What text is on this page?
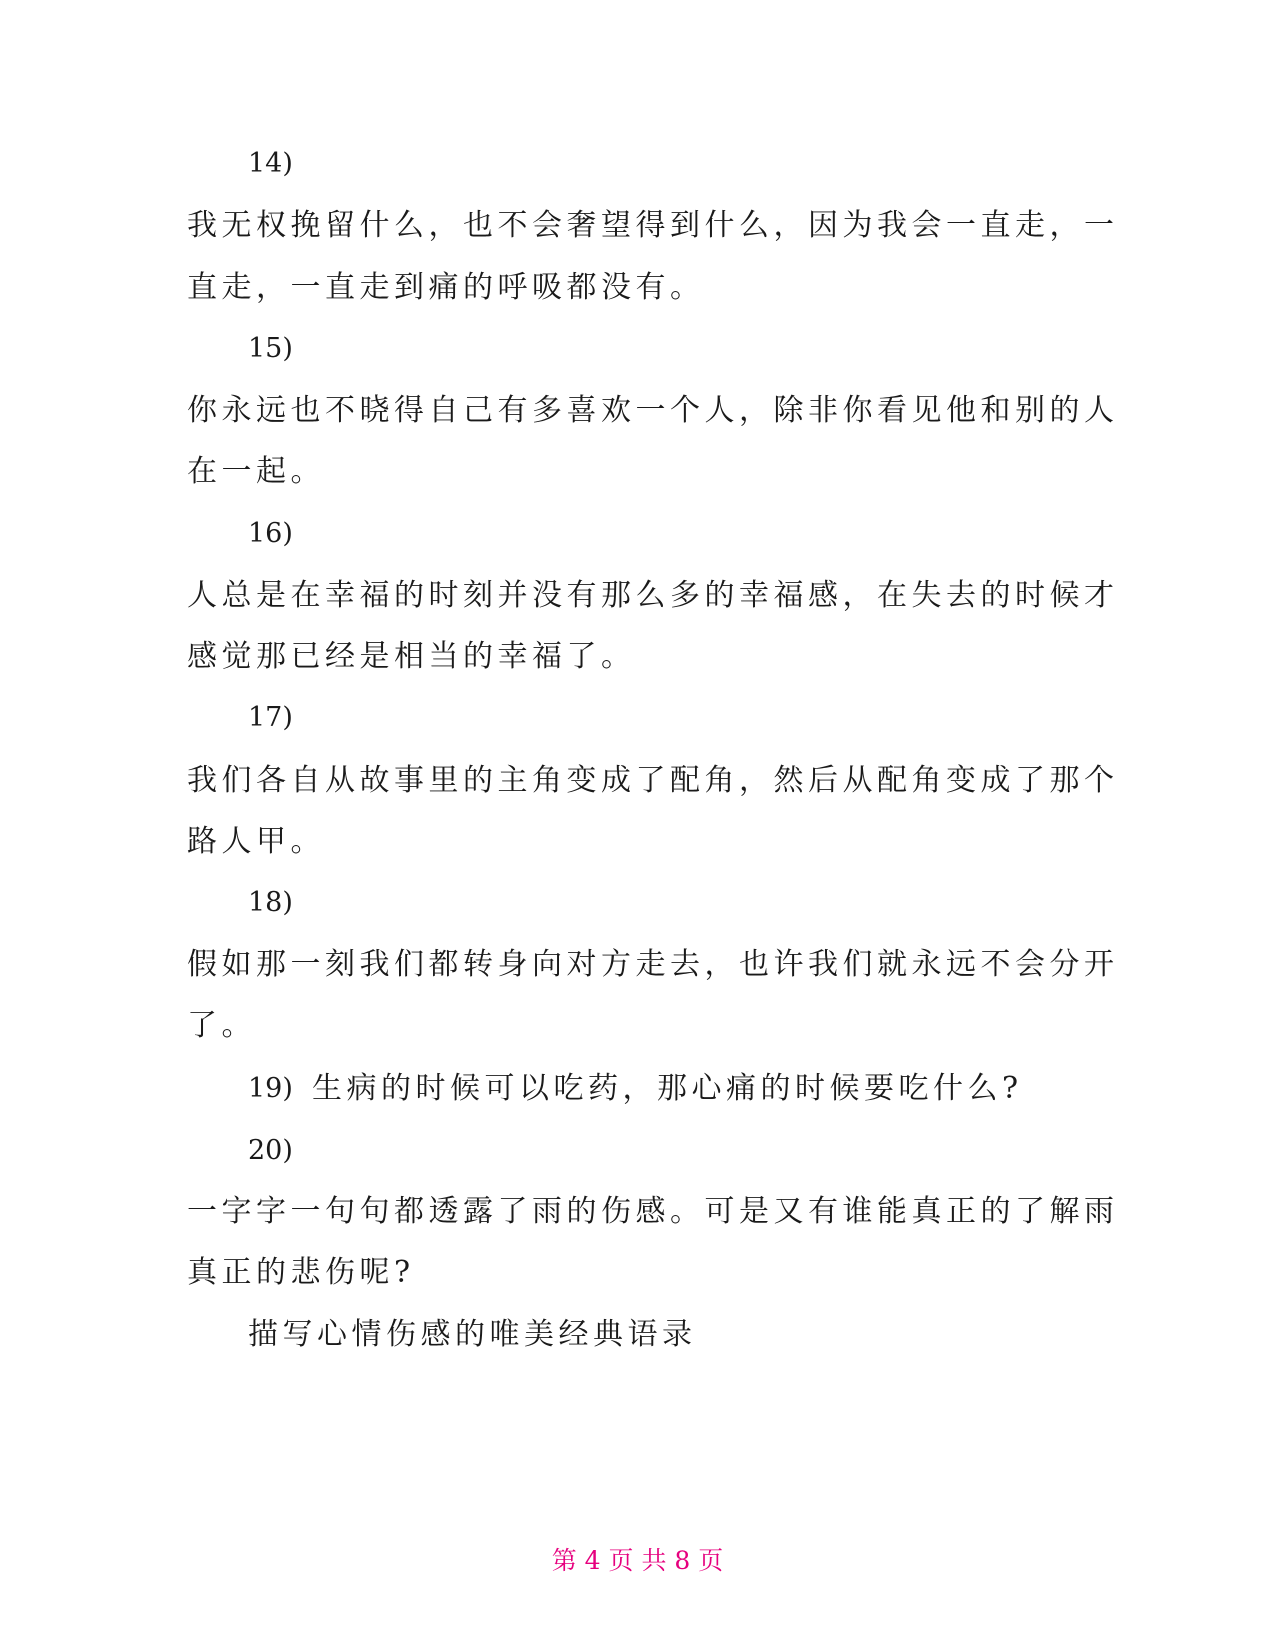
14)
我无权挽留什么，也不会奢望得到什么，因为我会一直走，一
直走，一直走到痛的呼吸都没有。
15)
你永远也不晓得自己有多喜欢一个人，除非你看见他和别的人
在一起。
16)
人总是在幸福的时刻并没有那么多的幸福感，在失去的时候才
感觉那已经是相当的幸福了。
17)
我们各自从故事里的主角变成了配角，然后从配角变成了那个
路人甲。
18)
假如那一刻我们都转身向对方走去，也许我们就永远不会分开
了。
19) 生病的时候可以吃药，那心痛的时候要吃什么?
20)
一字字一句句都透露了雨的伤感。可是又有谁能真正的了解雨
真正的悲伤呢?
描写心情伤感的唯美经典语录
第 4 页 共 8 页
